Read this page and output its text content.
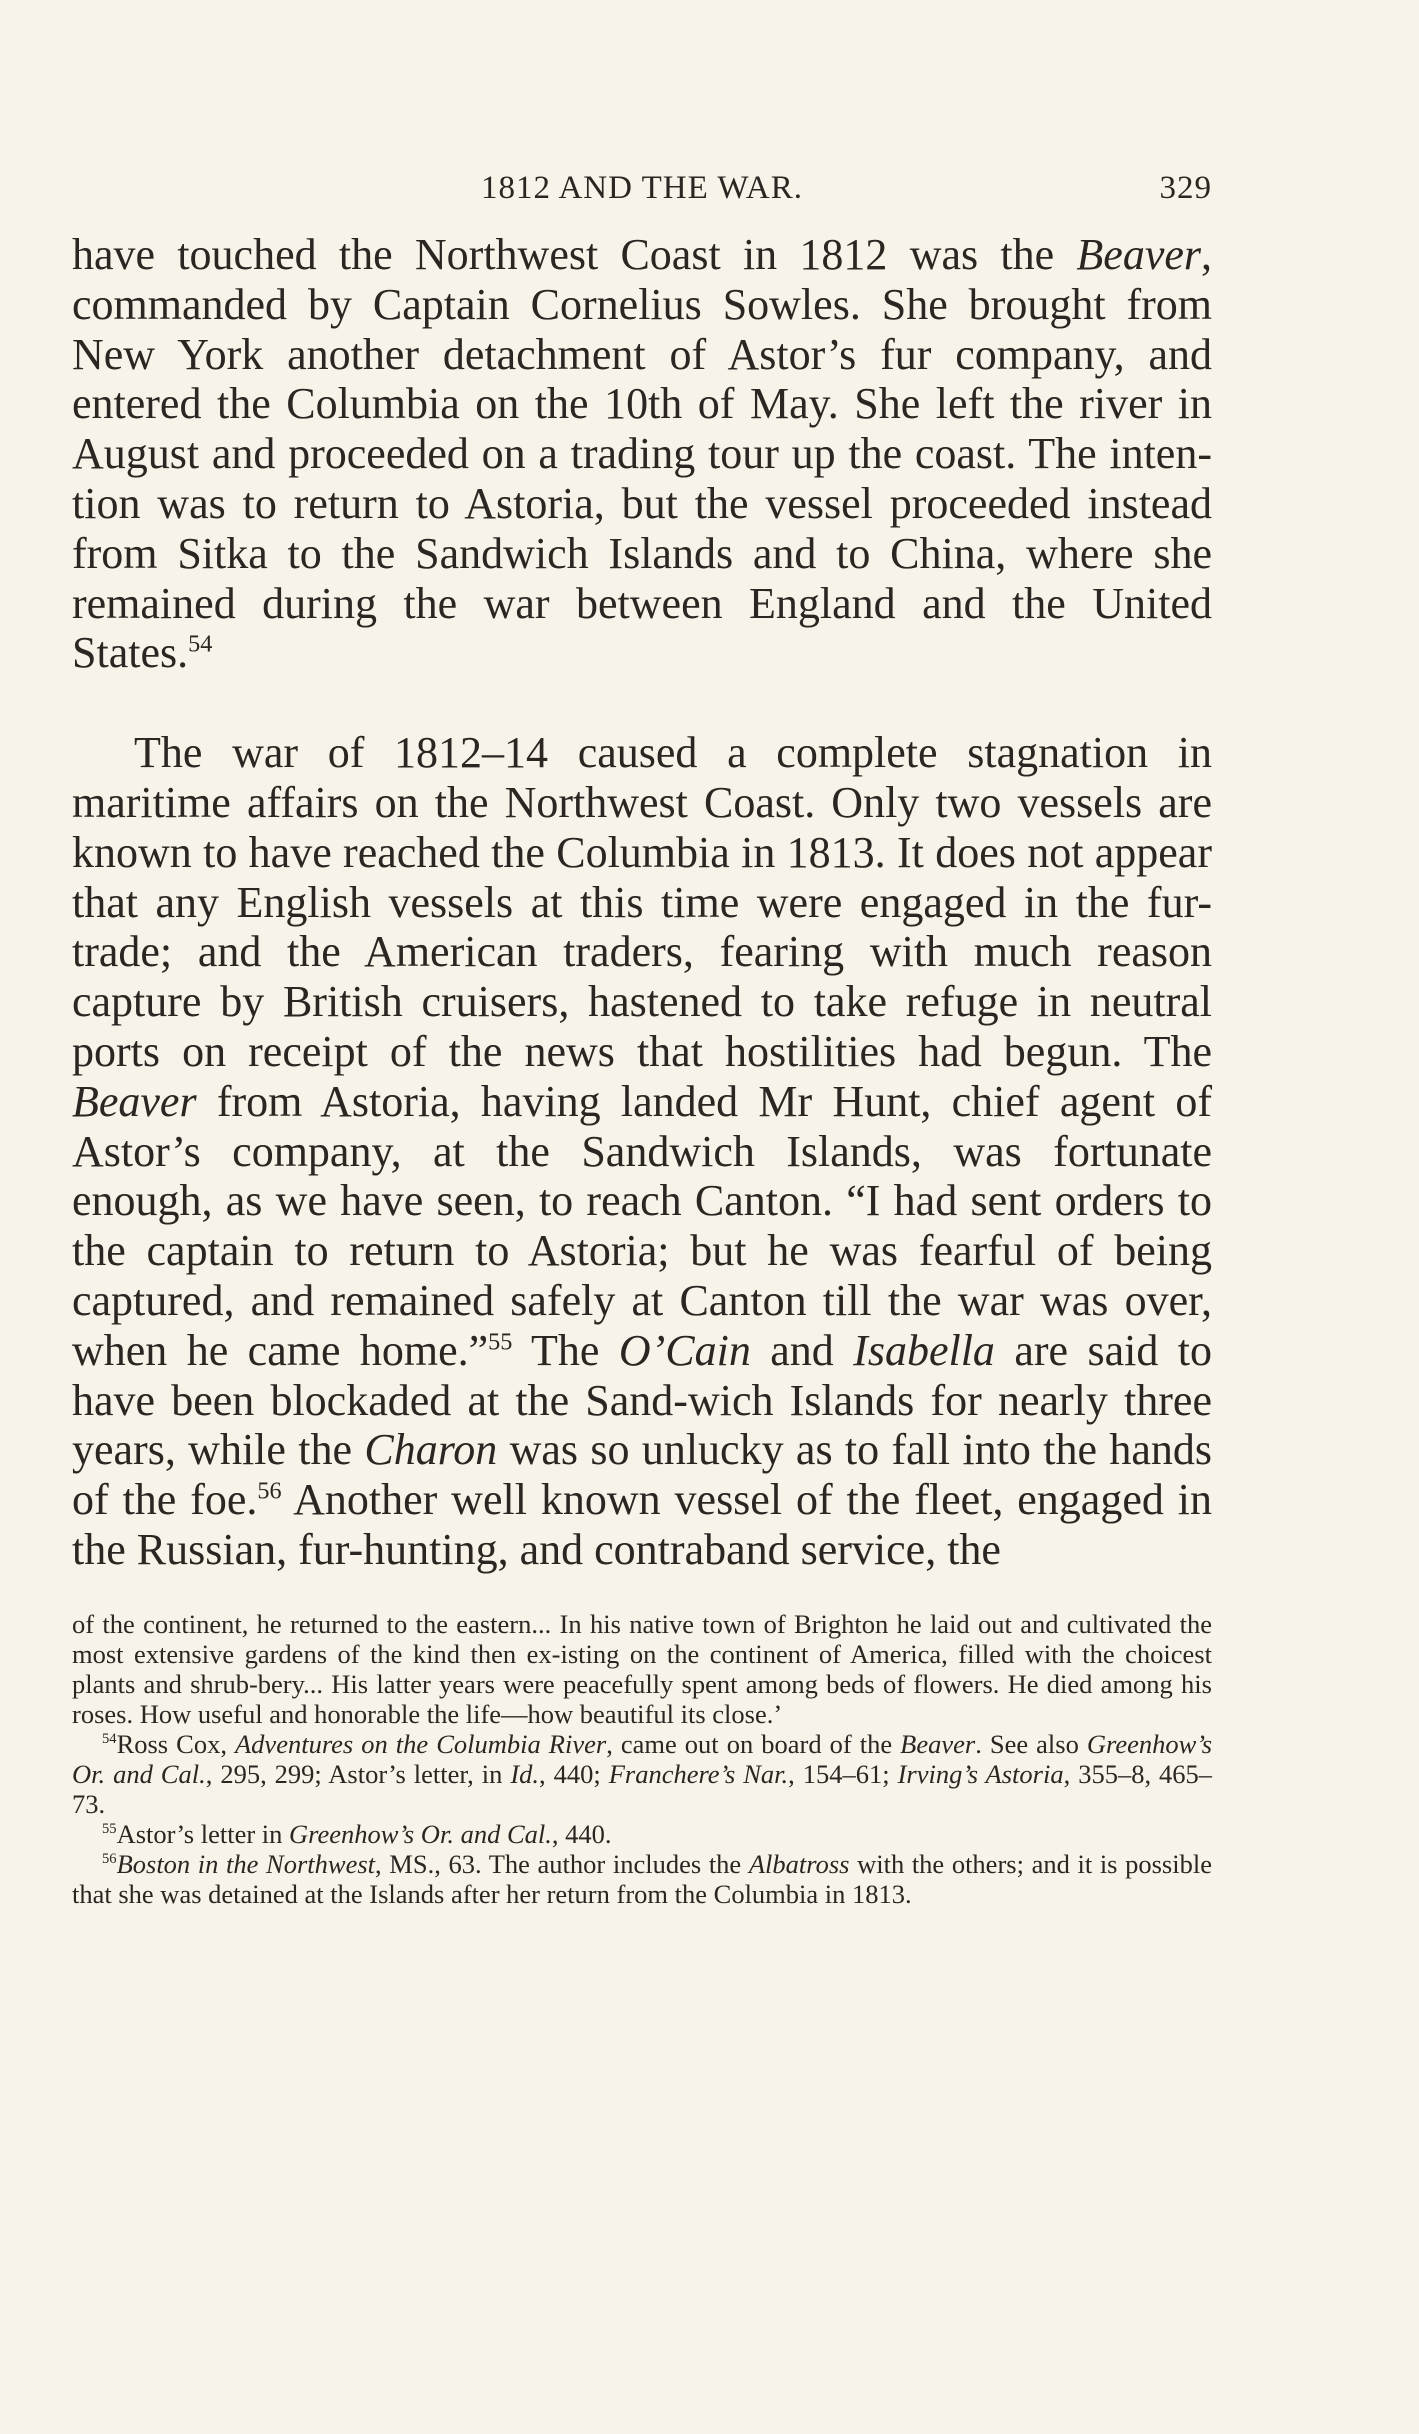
1812 AND THE WAR.	329

have touched the Northwest Coast in 1812 was the Beaver, commanded by Captain Cornelius Sowles. She brought from New York another detachment of Astor’s fur company, and entered the Columbia on the 10th of May. She left the river in August and proceeded on a trading tour up the coast. The inten-tion was to return to Astoria, but the vessel proceeded instead from Sitka to the Sandwich Islands and to China, where she remained during the war between England and the United States.$^{54}$

The war of 1812–14 caused a complete stagnation in maritime affairs on the Northwest Coast. Only two vessels are known to have reached the Columbia in 1813. It does not appear that any English vessels at this time were engaged in the fur-trade; and the American traders, fearing with much reason capture by British cruisers, hastened to take refuge in neutral ports on receipt of the news that hostilities had begun. The Beaver from Astoria, having landed Mr Hunt, chief agent of Astor’s company, at the Sandwich Islands, was fortunate enough, as we have seen, to reach Canton. “I had sent orders to the captain to return to Astoria; but he was fearful of being captured, and remained safely at Canton till the war was over, when he came home.”$^{55}$ The O’Cain and Isabella are said to have been blockaded at the Sand-wich Islands for nearly three years, while the Charon was so unlucky as to fall into the hands of the foe.$^{56}$ Another well known vessel of the fleet, engaged in the Russian, fur-hunting, and contraband service, the

of the continent, he returned to the eastern... In his native town of Brighton he laid out and cultivated the most extensive gardens of the kind then ex-isting on the continent of America, filled with the choicest plants and shrub-bery... His latter years were peacefully spent among beds of flowers. He died among his roses. How useful and honorable the life—how beautiful its close.’

$^{54}$Ross Cox, Adventures on the Columbia River, came out on board of the Beaver. See also Greenhow’s Or. and Cal., 295, 299; Astor’s letter, in Id., 440; Franchere’s Nar., 154–61; Irving’s Astoria, 355–8, 465–73.

$^{55}$Astor’s letter in Greenhow’s Or. and Cal., 440.

$^{56}$Boston in the Northwest, MS., 63. The author includes the Albatross with the others; and it is possible that she was detained at the Islands after her return from the Columbia in 1813.
